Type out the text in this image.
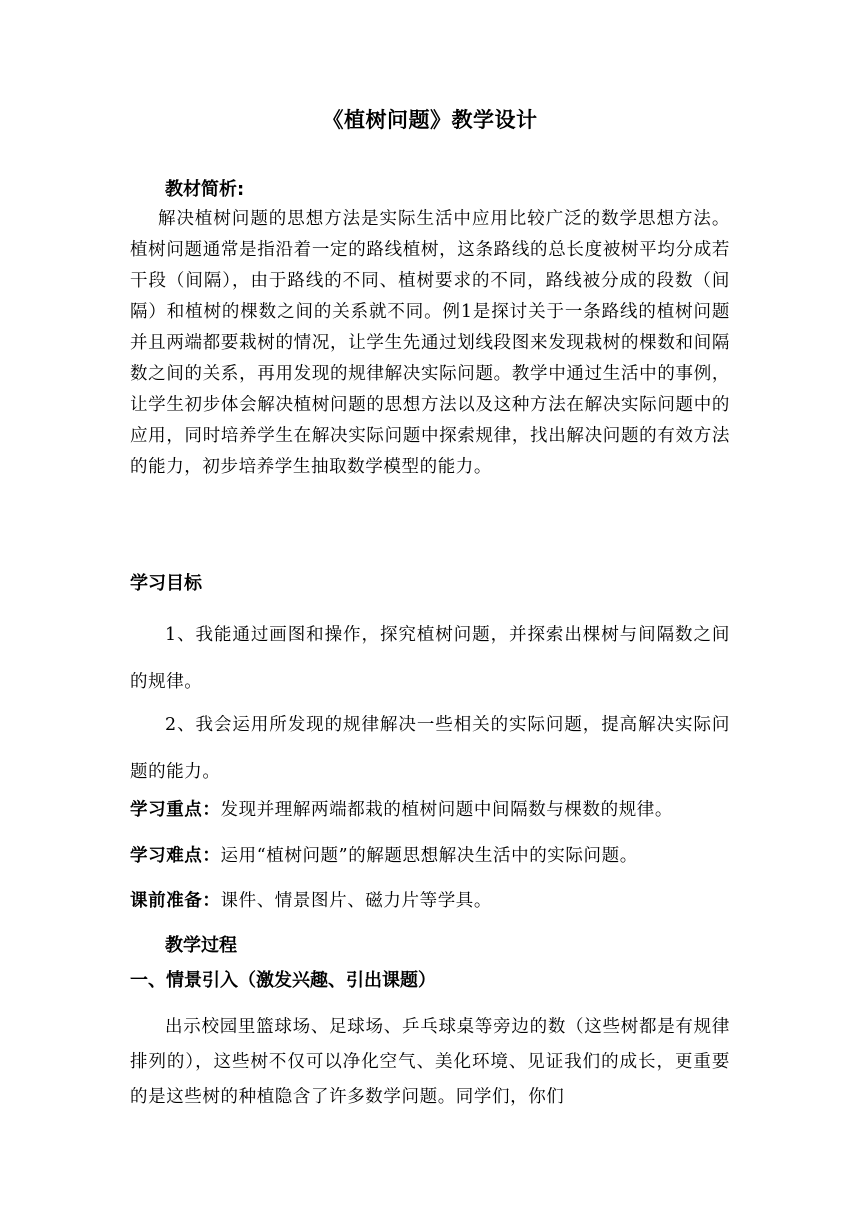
《植树问题》教学设计
教材简析:
解决植树问题的思想方法是实际生活中应用比较广泛的数学思想方法。植树问题通常是指沿着一定的路线植树，这条路线的总长度被树平均分成若干段（间隔），由于路线的不同、植树要求的不同，路线被分成的段数（间隔）和植树的棵数之间的关系就不同。例1是探讨关于一条路线的植树问题并且两端都要栽树的情况，让学生先通过划线段图来发现栽树的棵数和间隔数之间的关系，再用发现的规律解决实际问题。教学中通过生活中的事例，让学生初步体会解决植树问题的思想方法以及这种方法在解决实际问题中的应用，同时培养学生在解决实际问题中探索规律，找出解决问题的有效方法的能力，初步培养学生抽取数学模型的能力。
学习目标
1、我能通过画图和操作，探究植树问题，并探索出棵树与间隔数之间的规律。
2、我会运用所发现的规律解决一些相关的实际问题，提高解决实际问题的能力。
学习重点：发现并理解两端都栽的植树问题中间隔数与棵数的规律。
学习难点：运用“植树问题”的解题思想解决生活中的实际问题。
课前准备：课件、情景图片、磁力片等学具。
教学过程
一、情景引入（激发兴趣、引出课题）
出示校园里篮球场、足球场、乒乓球桌等旁边的数（这些树都是有规律排列的），这些树不仅可以净化空气、美化环境、见证我们的成长，更重要的是这些树的种植隐含了许多数学问题。同学们，你们
